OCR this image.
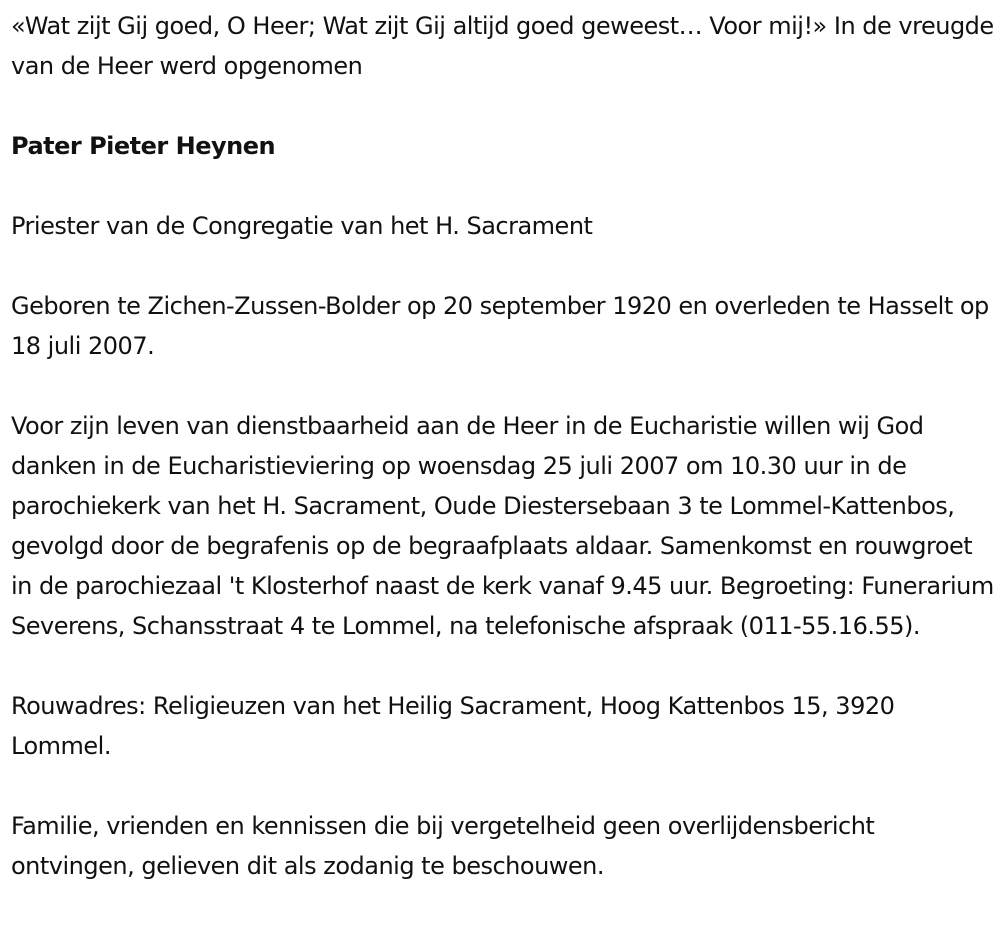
«Wat zijt Gij goed, O Heer; Wat zijt Gij altijd goed geweest… Voor mij!» In de vreugde van de Heer werd opgenomen

Pater Pieter Heynen

Priester van de Congregatie van het H. Sacrament

Geboren te Zichen-Zussen-Bolder op 20 september 1920 en overleden te Hasselt op 18 juli 2007.

Voor zijn leven van dienstbaarheid aan de Heer in de Eucharistie willen wij God danken in de Eucharistieviering op woensdag 25 juli 2007 om 10.30 uur in de parochiekerk van het H. Sacrament, Oude Diestersebaan 3 te Lommel-Kattenbos, gevolgd door de begrafenis op de begraafplaats aldaar. Samenkomst en rouwgroet in de parochiezaal 't Klosterhof naast de kerk vanaf 9.45 uur. Begroeting: Funerarium Severens, Schansstraat 4 te Lommel, na telefonische afspraak (011-55.16.55).

Rouwadres: Religieuzen van het Heilig Sacrament, Hoog Kattenbos 15, 3920 Lommel.

Familie, vrienden en kennissen die bij vergetelheid geen overlijdensbericht ontvingen, gelieven dit als zodanig te beschouwen.
